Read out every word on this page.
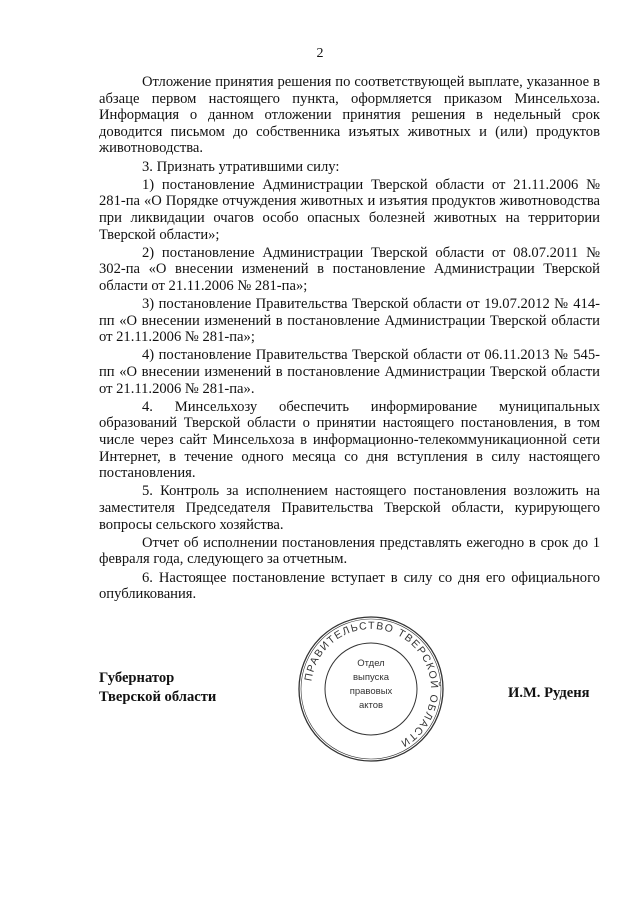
2

Отложение принятия решения по соответствующей выплате, указанное в абзаце первом настоящего пункта, оформляется приказом Минсельхоза. Информация о данном отложении принятия решения в недельный срок доводится письмом до собственника изъятых животных и (или) продуктов животноводства.

3. Признать утратившими силу:

1) постановление Администрации Тверской области от 21.11.2006 № 281-па «О Порядке отчуждения животных и изъятия продуктов животноводства при ликвидации очагов особо опасных болезней животных на территории Тверской области»;

2) постановление Администрации Тверской области от 08.07.2011 № 302-па «О внесении изменений в постановление Администрации Тверской области от 21.11.2006 № 281-па»;

3) постановление Правительства Тверской области от 19.07.2012 № 414-пп «О внесении изменений в постановление Администрации Тверской области от 21.11.2006 № 281-па»;

4) постановление Правительства Тверской области от 06.11.2013 № 545-пп «О внесении изменений в постановление Администрации Тверской области от 21.11.2006 № 281-па».

4. Минсельхозу обеспечить информирование муниципальных образований Тверской области о принятии настоящего постановления, в том числе через сайт Минсельхоза в информационно-телекоммуникационной сети Интернет, в течение одного месяца со дня вступления в силу настоящего постановления.

5. Контроль за исполнением настоящего постановления возложить на заместителя Председателя Правительства Тверской области, курирующего вопросы сельского хозяйства.

Отчет об исполнении постановления представлять ежегодно в срок до 1 февраля года, следующего за отчетным.

6. Настоящее постановление вступает в силу со дня его официального опубликования.

Губернатор
Тверской области
ПРАВИТЕЛЬСТВО ТВЕРСКОЙ ОБЛАСТИ
Отдел
выпуска
правовых
актов
И.М. Руденя
